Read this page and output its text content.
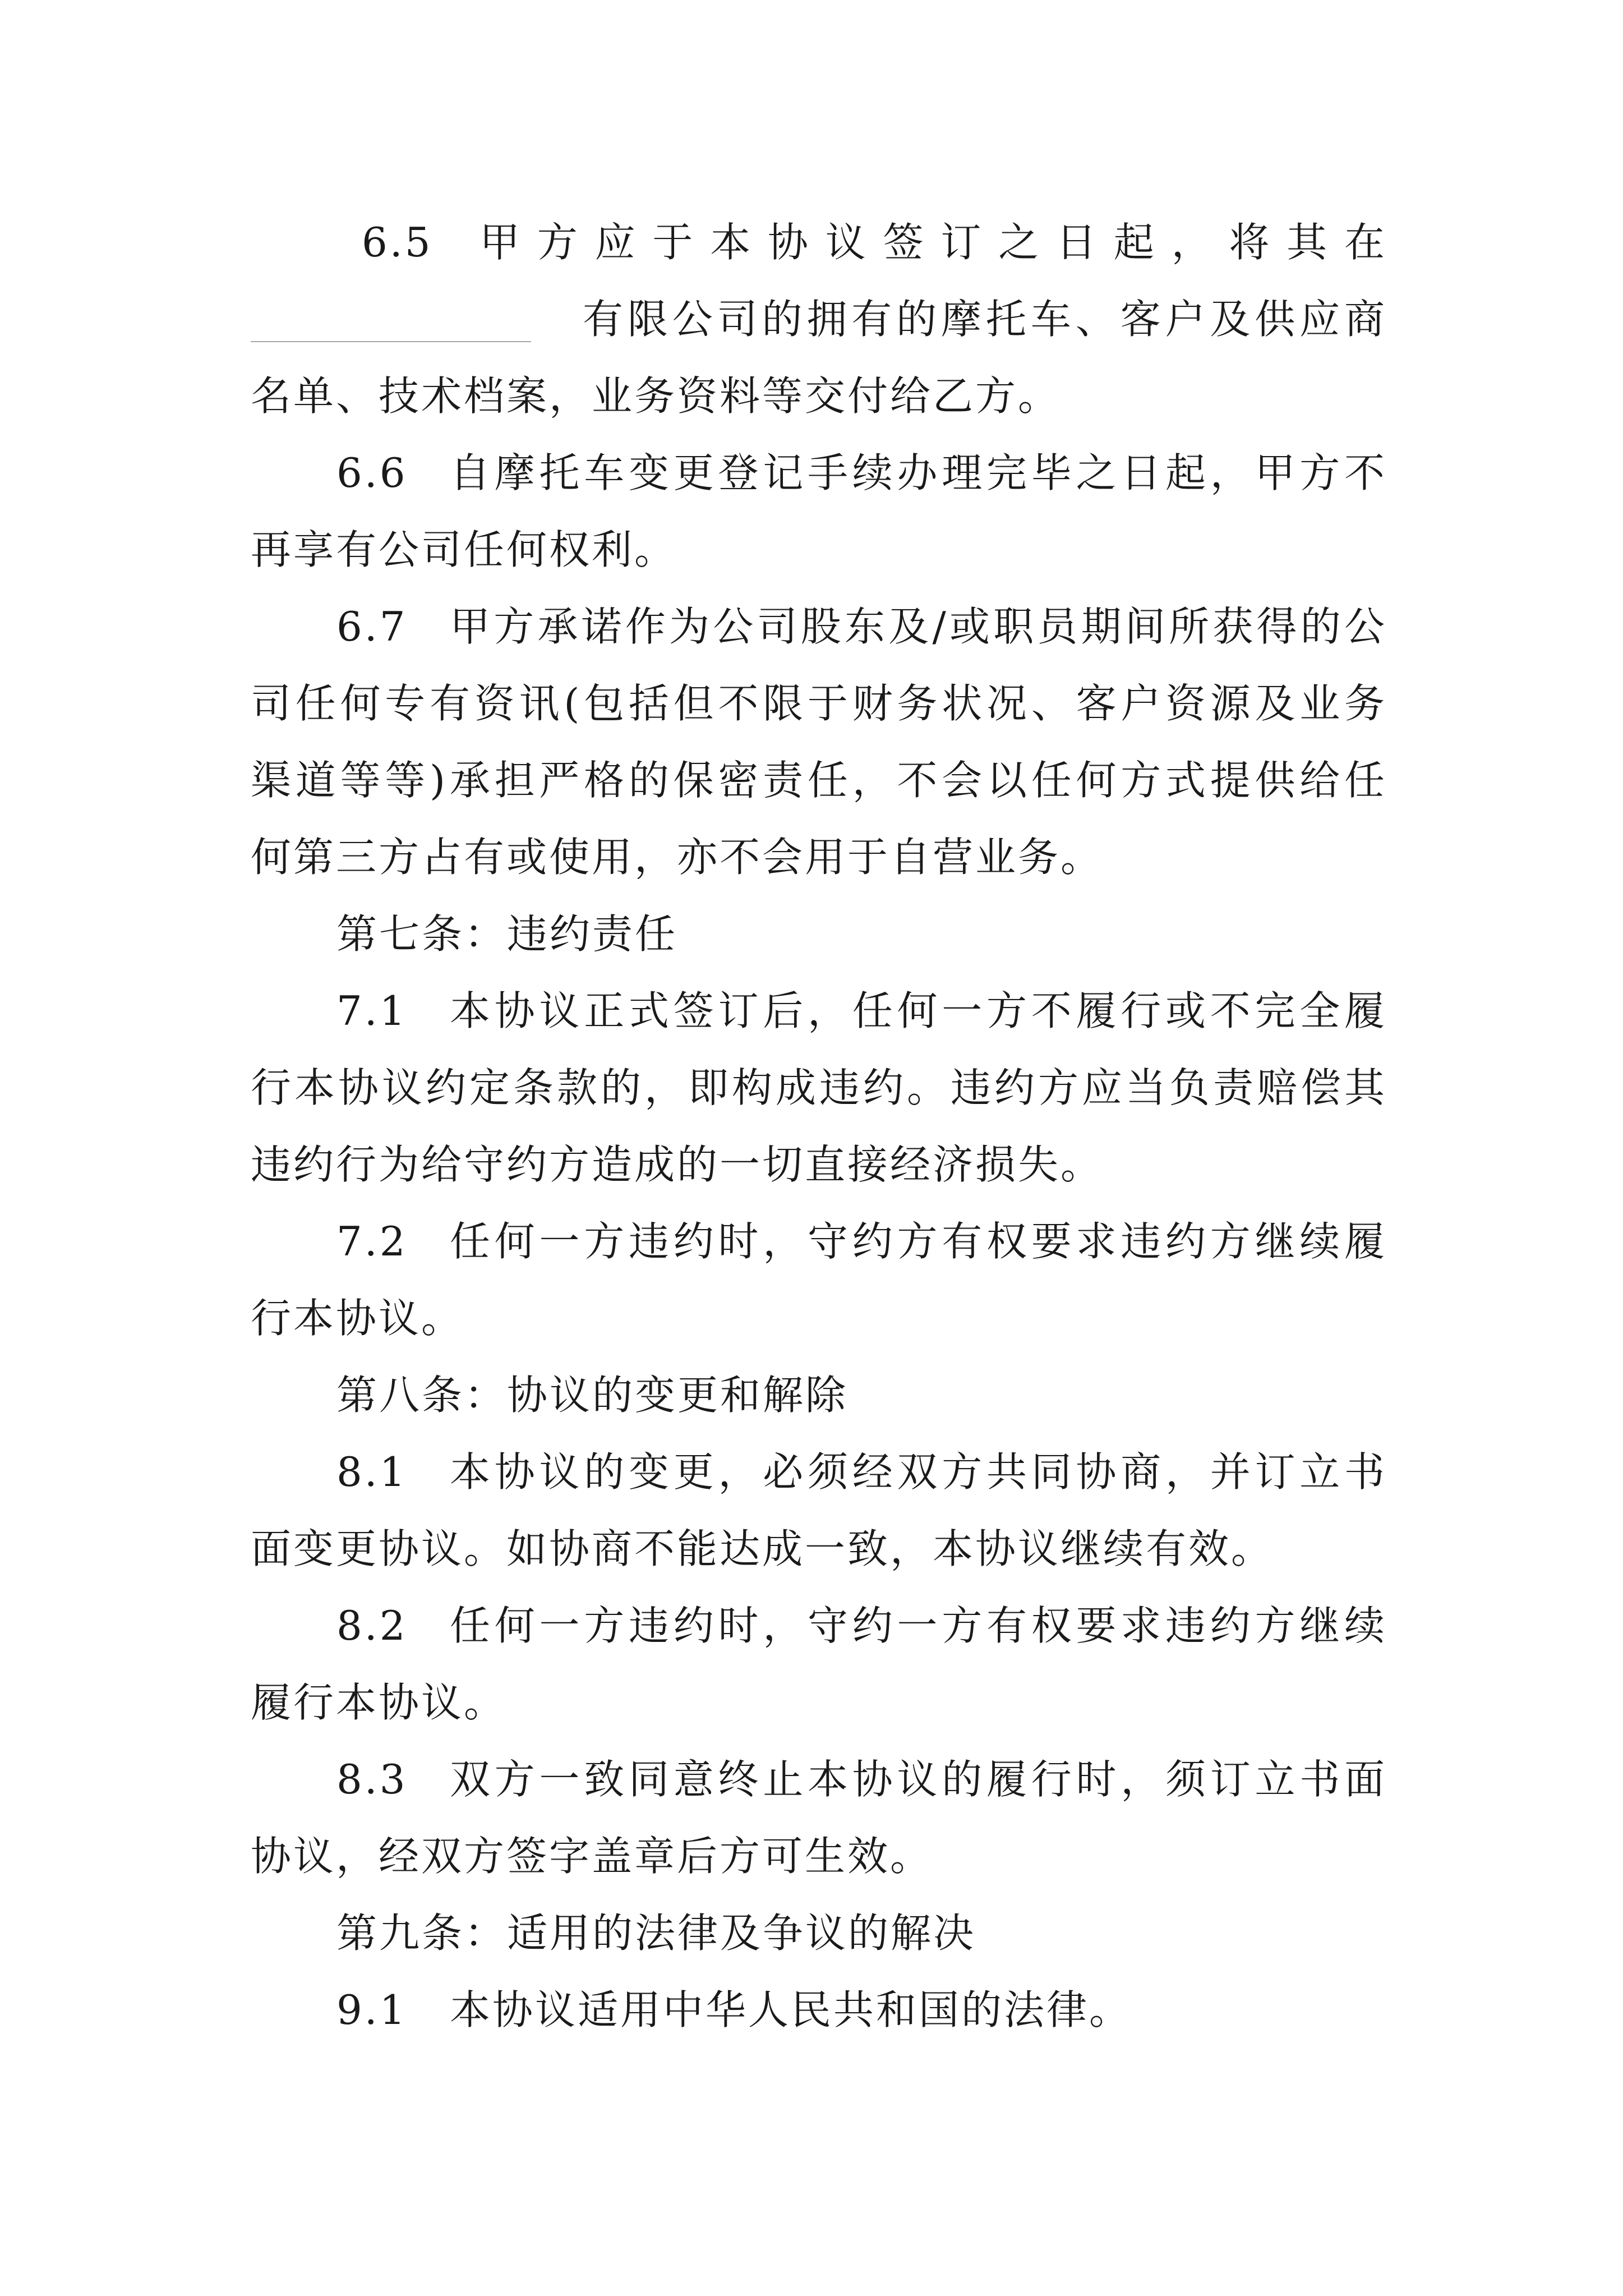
6.5	甲方应于本协议签订之日起，将其在
有限公司的拥有的摩托车、客户及供应商
名单、技术档案，业务资料等交付给乙方。
6.6	自摩托车变更登记手续办理完毕之日起，甲方不
再享有公司任何权利。
6.7	甲方承诺作为公司股东及/或职员期间所获得的公
司任何专有资讯(包括但不限于财务状况、客户资源及业务
渠道等等)承担严格的保密责任，不会以任何方式提供给任
何第三方占有或使用，亦不会用于自营业务。
第七条：违约责任
7.1	本协议正式签订后，任何一方不履行或不完全履
行本协议约定条款的，即构成违约。违约方应当负责赔偿其
违约行为给守约方造成的一切直接经济损失。
7.2	任何一方违约时，守约方有权要求违约方继续履
行本协议。
第八条：协议的变更和解除
8.1	本协议的变更，必须经双方共同协商，并订立书
面变更协议。如协商不能达成一致，本协议继续有效。
8.2	任何一方违约时，守约一方有权要求违约方继续
履行本协议。
8.3	双方一致同意终止本协议的履行时，须订立书面
协议，经双方签字盖章后方可生效。
第九条：适用的法律及争议的解决
9.1	本协议适用中华人民共和国的法律。
